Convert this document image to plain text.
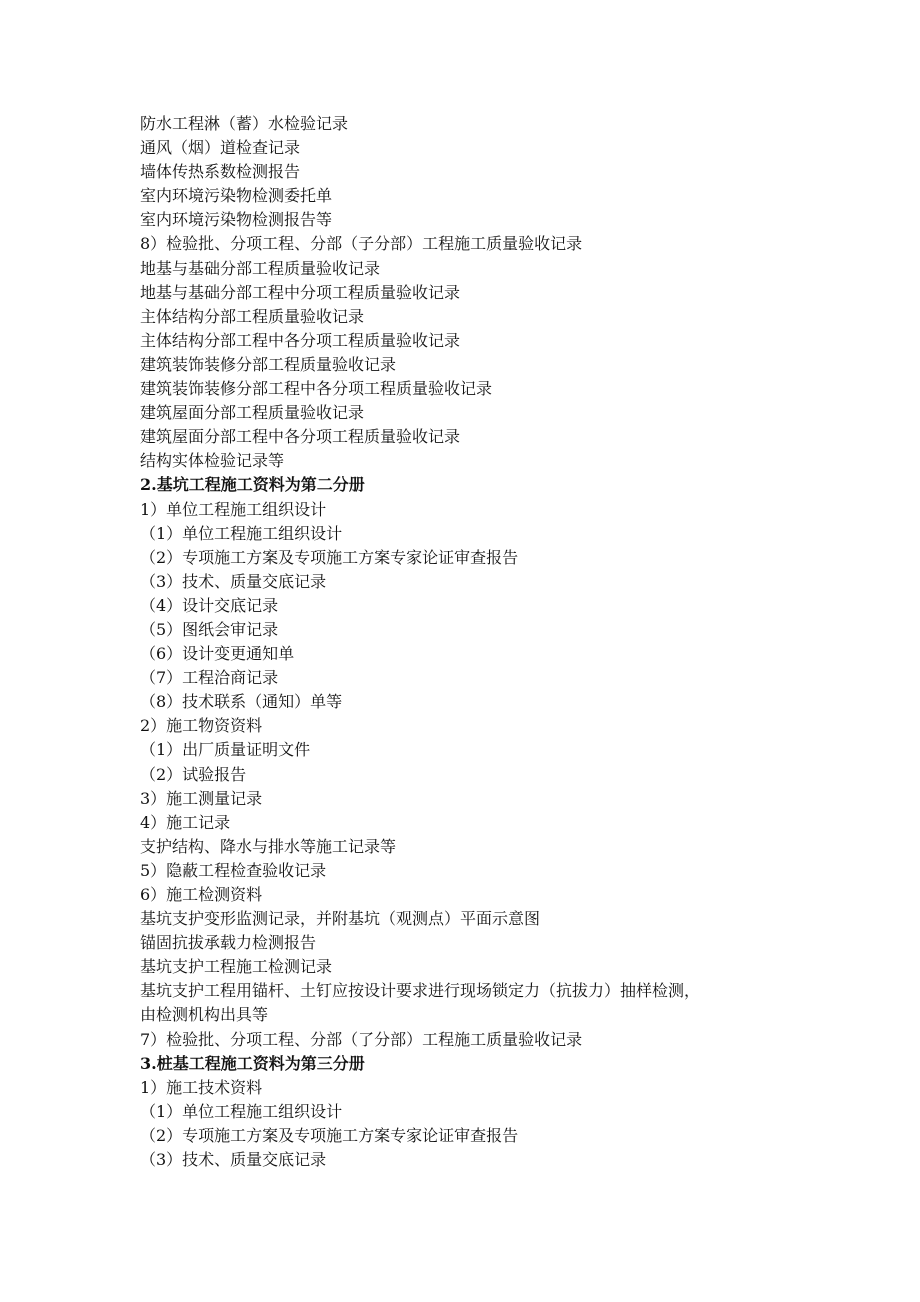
防水工程淋（蓄）水检验记录
通风（烟）道检查记录
墙体传热系数检测报告
室内环境污染物检测委托单
室内环境污染物检测报告等
8）检验批、分项工程、分部（子分部）工程施工质量验收记录
地基与基础分部工程质量验收记录
地基与基础分部工程中分项工程质量验收记录
主体结构分部工程质量验收记录
主体结构分部工程中各分项工程质量验收记录
建筑装饰装修分部工程质量验收记录
建筑装饰装修分部工程中各分项工程质量验收记录
建筑屋面分部工程质量验收记录
建筑屋面分部工程中各分项工程质量验收记录
结构实体检验记录等
2.基坑工程施工资料为第二分册
1）单位工程施工组织设计
（1）单位工程施工组织设计
（2）专项施工方案及专项施工方案专家论证审查报告
（3）技术、质量交底记录
（4）设计交底记录
（5）图纸会审记录
（6）设计变更通知单
（7）工程洽商记录
（8）技术联系（通知）单等
2）施工物资资料
（1）出厂质量证明文件
（2）试验报告
3）施工测量记录
4）施工记录
支护结构、降水与排水等施工记录等
5）隐蔽工程检查验收记录
6）施工检测资料
基坑支护变形监测记录，并附基坑（观测点）平面示意图
锚固抗拔承载力检测报告
基坑支护工程施工检测记录
基坑支护工程用锚杆、土钉应按设计要求进行现场锁定力（抗拔力）抽样检测，
由检测机构出具等
7）检验批、分项工程、分部（了分部）工程施工质量验收记录
3.桩基工程施工资料为第三分册
1）施工技术资料
（1）单位工程施工组织设计
（2）专项施工方案及专项施工方案专家论证审查报告
（3）技术、质量交底记录
